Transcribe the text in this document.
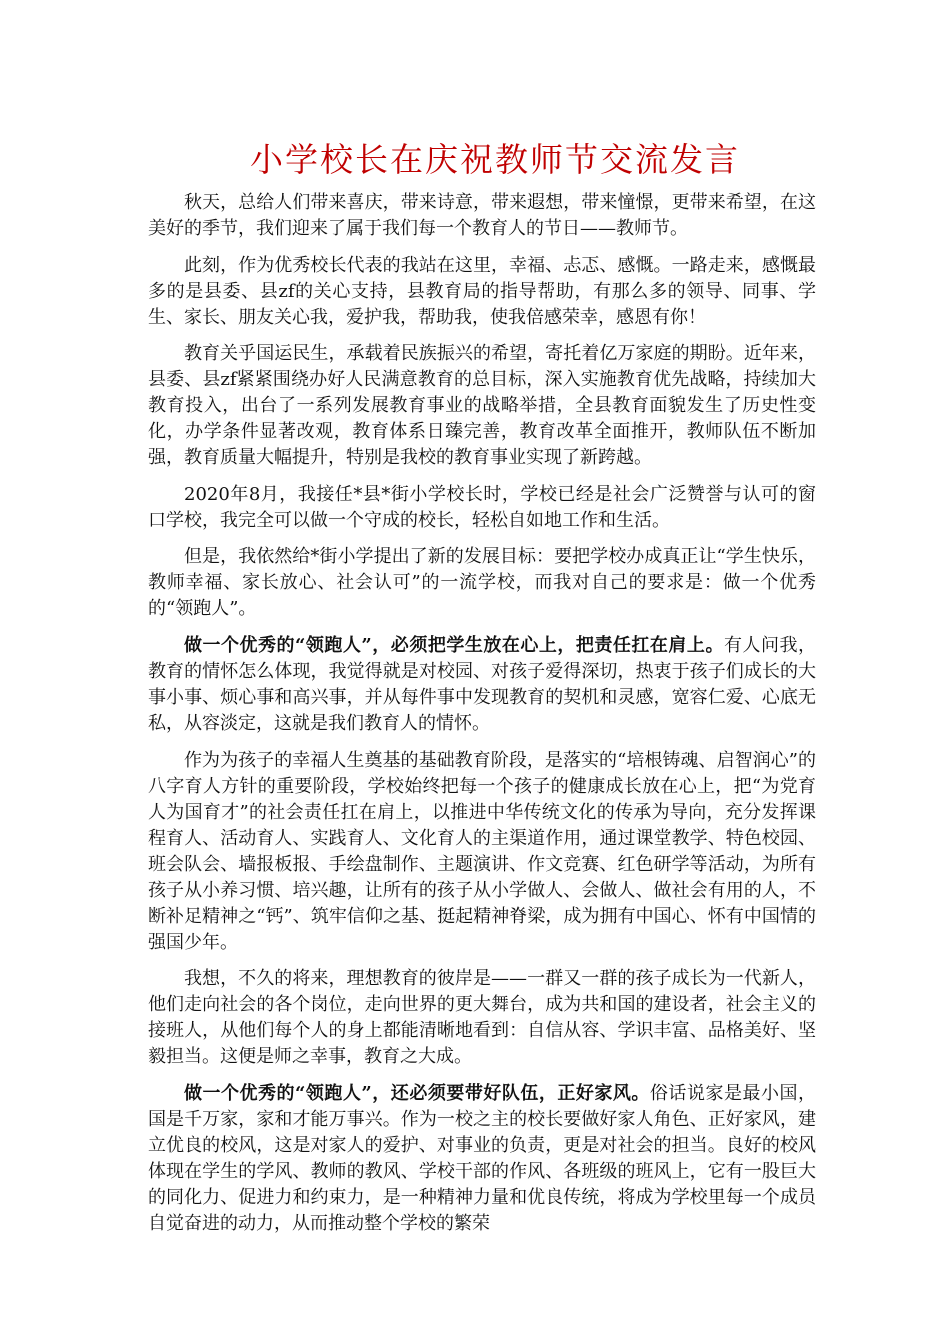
小学校长在庆祝教师节交流发言

秋天，总给人们带来喜庆，带来诗意，带来遐想，带来憧憬，更带来希望，在这美好的季节，我们迎来了属于我们每一个教育人的节日——教师节。

此刻，作为优秀校长代表的我站在这里，幸福、忐忑、感慨。一路走来，感慨最多的是县委、县zf的关心支持，县教育局的指导帮助，有那么多的领导、同事、学生、家长、朋友关心我，爱护我，帮助我，使我倍感荣幸，感恩有你！

教育关乎国运民生，承载着民族振兴的希望，寄托着亿万家庭的期盼。近年来，县委、县zf紧紧围绕办好人民满意教育的总目标，深入实施教育优先战略，持续加大教育投入，出台了一系列发展教育事业的战略举措，全县教育面貌发生了历史性变化，办学条件显著改观，教育体系日臻完善，教育改革全面推开，教师队伍不断加强，教育质量大幅提升，特别是我校的教育事业实现了新跨越。

2020年8月，我接任*县*街小学校长时，学校已经是社会广泛赞誉与认可的窗口学校，我完全可以做一个守成的校长，轻松自如地工作和生活。

但是，我依然给*街小学提出了新的发展目标：要把学校办成真正让“学生快乐，教师幸福、家长放心、社会认可”的一流学校，而我对自己的要求是：做一个优秀的“领跑人”。

做一个优秀的“领跑人”，必须把学生放在心上，把责任扛在肩上。有人问我，教育的情怀怎么体现，我觉得就是对校园、对孩子爱得深切，热衷于孩子们成长的大事小事、烦心事和高兴事，并从每件事中发现教育的契机和灵感，宽容仁爱、心底无私，从容淡定，这就是我们教育人的情怀。

作为为孩子的幸福人生奠基的基础教育阶段，是落实的“培根铸魂、启智润心”的八字育人方针的重要阶段，学校始终把每一个孩子的健康成长放在心上，把“为党育人为国育才”的社会责任扛在肩上，以推进中华传统文化的传承为导向，充分发挥课程育人、活动育人、实践育人、文化育人的主渠道作用，通过课堂教学、特色校园、班会队会、墙报板报、手绘盘制作、主题演讲、作文竞赛、红色研学等活动，为所有孩子从小养习惯、培兴趣，让所有的孩子从小学做人、会做人、做社会有用的人，不断补足精神之“钙”、筑牢信仰之基、挺起精神脊梁，成为拥有中国心、怀有中国情的强国少年。

我想，不久的将来，理想教育的彼岸是——一群又一群的孩子成长为一代新人，他们走向社会的各个岗位，走向世界的更大舞台，成为共和国的建设者，社会主义的接班人，从他们每个人的身上都能清晰地看到：自信从容、学识丰富、品格美好、坚毅担当。这便是师之幸事，教育之大成。

做一个优秀的“领跑人”，还必须要带好队伍，正好家风。俗话说家是最小国，国是千万家，家和才能万事兴。作为一校之主的校长要做好家人角色、正好家风，建立优良的校风，这是对家人的爱护、对事业的负责，更是对社会的担当。良好的校风体现在学生的学风、教师的教风、学校干部的作风、各班级的班风上，它有一股巨大的同化力、促进力和约束力，是一种精神力量和优良传统，将成为学校里每一个成员自觉奋进的动力，从而推动整个学校的繁荣
